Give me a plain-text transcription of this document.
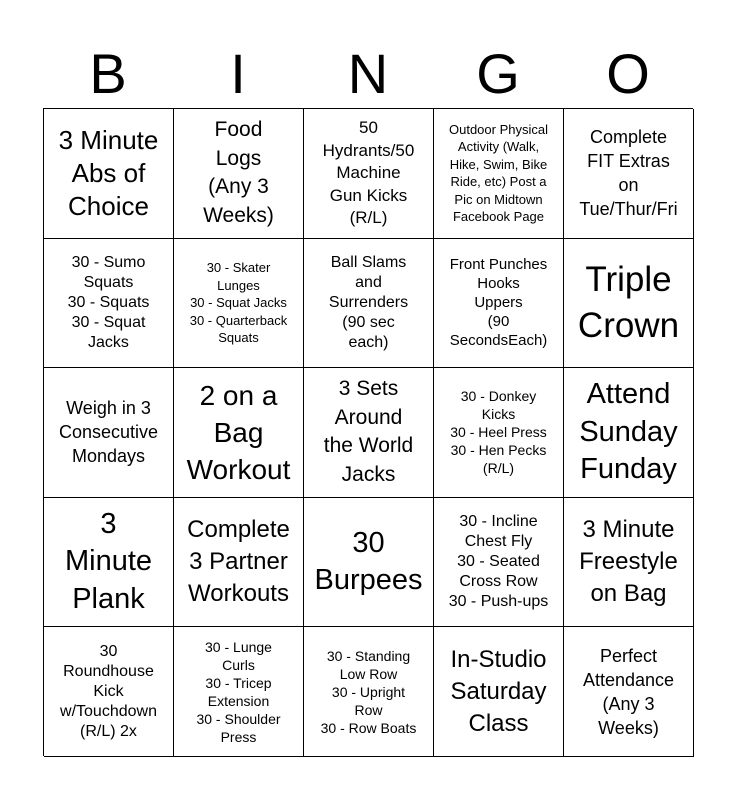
B	I	N	G	O
3 Minute
Abs of
Choice
Food
Logs
(Any 3
Weeks)
50
Hydrants/50
Machine
Gun Kicks
(R/L)
Outdoor Physical
Activity (Walk,
Hike, Swim, Bike
Ride, etc) Post a
Pic on Midtown
Facebook Page
Complete
FIT Extras
on
Tue/Thur/Fri
30 - Sumo
Squats
30 - Squats
30 - Squat
Jacks
30 - Skater
Lunges
30 - Squat Jacks
30 - Quarterback
Squats
Ball Slams
and
Surrenders
(90 sec
each)
Front Punches
Hooks
Uppers
(90
SecondsEach)
Triple
Crown
Weigh in 3
Consecutive
Mondays
2 on a
Bag
Workout
3 Sets
Around
the World
Jacks
30 - Donkey
Kicks
30 - Heel Press
30 - Hen Pecks
(R/L)
Attend
Sunday
Funday
3
Minute
Plank
Complete
3 Partner
Workouts
30
Burpees
30 - Incline
Chest Fly
30 - Seated
Cross Row
30 - Push-ups
3 Minute
Freestyle
on Bag
30
Roundhouse
Kick
w/Touchdown
(R/L) 2x
30 - Lunge
Curls
30 - Tricep
Extension
30 - Shoulder
Press
30 - Standing
Low Row
30 - Upright
Row
30 - Row Boats
In-Studio
Saturday
Class
Perfect
Attendance
(Any 3
Weeks)
